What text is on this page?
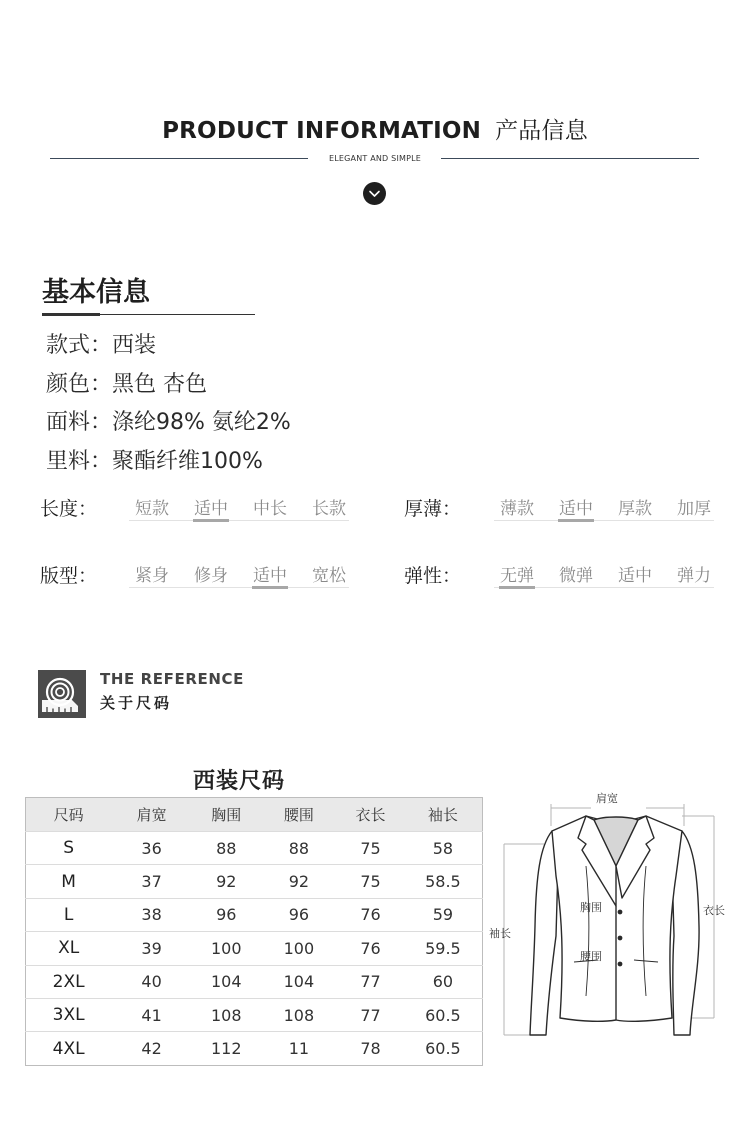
PRODUCT INFORMATION 产品信息
ELEGANT AND SIMPLE
基本信息
款式：西装
颜色：黑色 杏色
面料：涤纶98% 氨纶2%
里料：聚酯纤维100%
长度：	厚薄：
版型：	弹性：
短款	适中	中长	长款	薄款	适中	厚款	加厚
紧身	修身	适中	宽松	无弹	微弹	适中	弹力
THE REFERENCE
关于尺码
西装尺码
尺码	肩宽	胸围	腰围	衣长	袖长
S	36	88	88	75	58
M	37	92	92	75	58.5
L	38	96	96	76	59
XL	39	100	100	76	59.5
2XL	40	104	104	77	60
3XL	41	108	108	77	60.5
4XL	42	112	11	78	60.5
肩宽
胸围
腰围
袖长
衣长
